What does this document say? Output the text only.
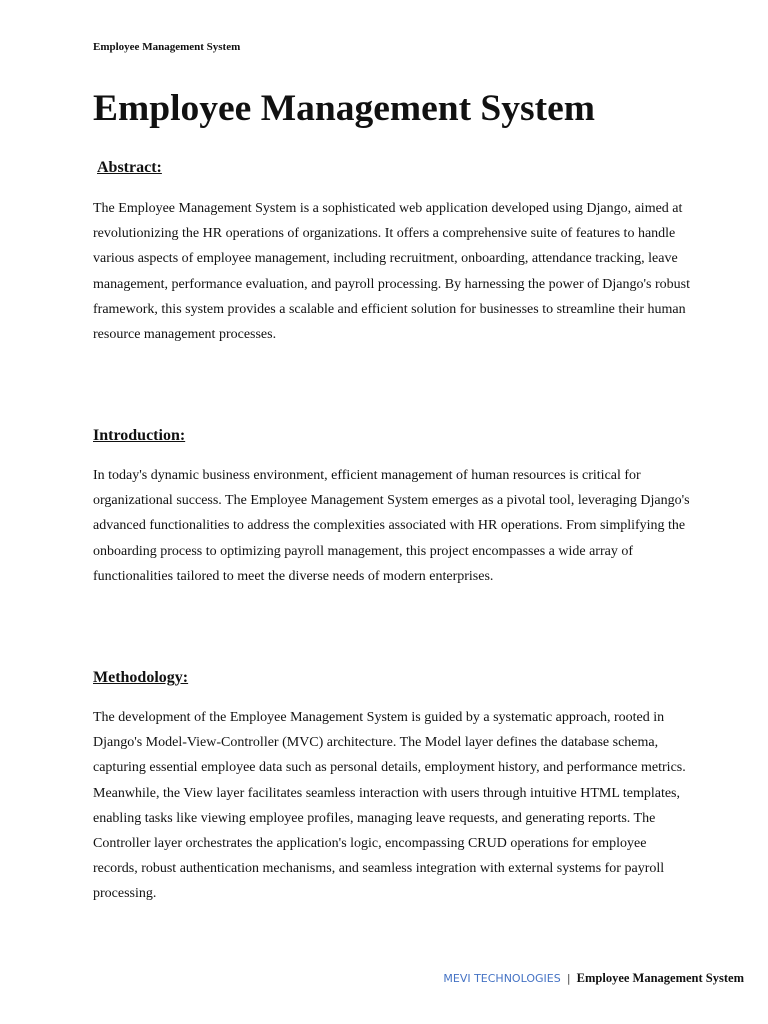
Employee Management System
Employee Management System
Abstract:

The Employee Management System is a sophisticated web application developed using Django, aimed at revolutionizing the HR operations of organizations. It offers a comprehensive suite of features to handle various aspects of employee management, including recruitment, onboarding, attendance tracking, leave management, performance evaluation, and payroll processing. By harnessing the power of Django's robust framework, this system provides a scalable and efficient solution for businesses to streamline their human resource management processes.

Introduction:

In today's dynamic business environment, efficient management of human resources is critical for organizational success. The Employee Management System emerges as a pivotal tool, leveraging Django's advanced functionalities to address the complexities associated with HR operations. From simplifying the onboarding process to optimizing payroll management, this project encompasses a wide array of functionalities tailored to meet the diverse needs of modern enterprises.

Methodology:

The development of the Employee Management System is guided by a systematic approach, rooted in Django's Model-View-Controller (MVC) architecture. The Model layer defines the database schema, capturing essential employee data such as personal details, employment history, and performance metrics. Meanwhile, the View layer facilitates seamless interaction with users through intuitive HTML templates, enabling tasks like viewing employee profiles, managing leave requests, and generating reports. The Controller layer orchestrates the application's logic, encompassing CRUD operations for employee records, robust authentication mechanisms, and seamless integration with external systems for payroll processing.

MEVI TECHNOLOGIES | Employee Management System
